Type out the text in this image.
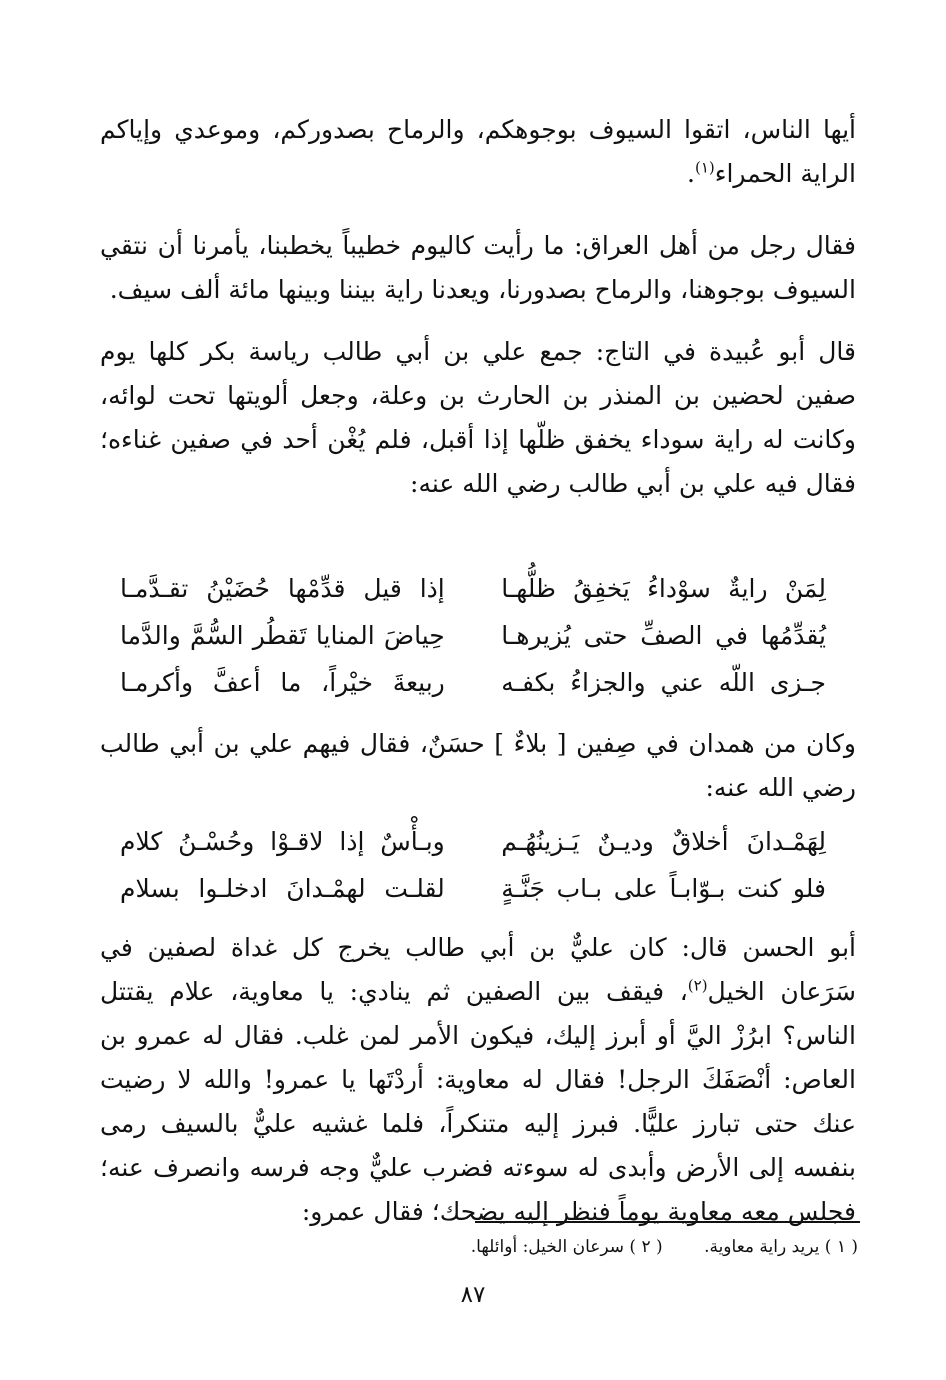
أيها الناس، اتقوا السيوف بوجوهكم، والرماح بصدوركم، وموعدي وإياكم الراية الحمراء$^{(١)}$.

فقال رجل من أهل العراق: ما رأيت كاليوم خطيباً يخطبنا، يأمرنا أن نتقي السيوف بوجوهنا، والرماح بصدورنا، ويعدنا راية بيننا وبينها مائة ألف سيف.

قال أبو عُبيدة في التاج: جمع علي بن أبي طالب رياسة بكر كلها يوم صفين لحضين بن المنذر بن الحارث بن وعلة، وجعل ألويتها تحت لوائه، وكانت له راية سوداء يخفق ظلّها إذا أقبل، فلم يُغْن أحد في صفين غناءه؛ فقال فيه علي بن أبي طالب رضي الله عنه:

لِمَنْ رايةٌ سوْداءُ يَخفِقُ ظلُّهـا
إذا قيل قدِّمْها حُضَيْنُ تقـدَّمـا
يُقدِّمُها في الصفِّ حتى يُزيرهـا
حِياضَ المنايا تَقطُر السُّمَّ والدَّما
جـزى اللّه عني والجزاءُ بكفـه
ربيعةَ خيْراً، ما أعفَّ وأكرمـا

وكان من همدان في صِفين [ بلاءٌ ] حسَنٌ، فقال فيهم علي بن أبي طالب رضي الله عنه:

لِهَمْـدانَ أخلاقٌ وديـنٌ يَـزينُهُـم
وبـأْسٌ إذا لاقـوْا وحُسْـنُ كلام
فلو كنت بـوّابـاً على بـاب جَنَّـةٍ
لقلـت لهمْـدانَ ادخلـوا بسلام

أبو الحسن قال: كان عليٌّ بن أبي طالب يخرج كل غداة لصفين في سَرَعان الخيل$^{(٢)}$، فيقف بين الصفين ثم ينادي: يا معاوية، علام يقتتل الناس؟ ابرُزْ اليَّ أو أبرز إليك، فيكون الأمر لمن غلب. فقال له عمرو بن العاص: أنْصَفَكَ الرجل! فقال له معاوية: أردْتَها يا عمرو! والله لا رضيت عنك حتى تبارز عليًّا. فبرز إليه متنكراً، فلما غشيه عليٌّ بالسيف رمى بنفسه إلى الأرض وأبدى له سوءته فضرب عليٌّ وجه فرسه وانصرف عنه؛ فجلس معه معاوية يوماً فنظر إليه يضحك؛ فقال عمرو:

( ١ ) يريد راية معاوية. ( ٢ ) سرعان الخيل: أوائلها.
٨٧
